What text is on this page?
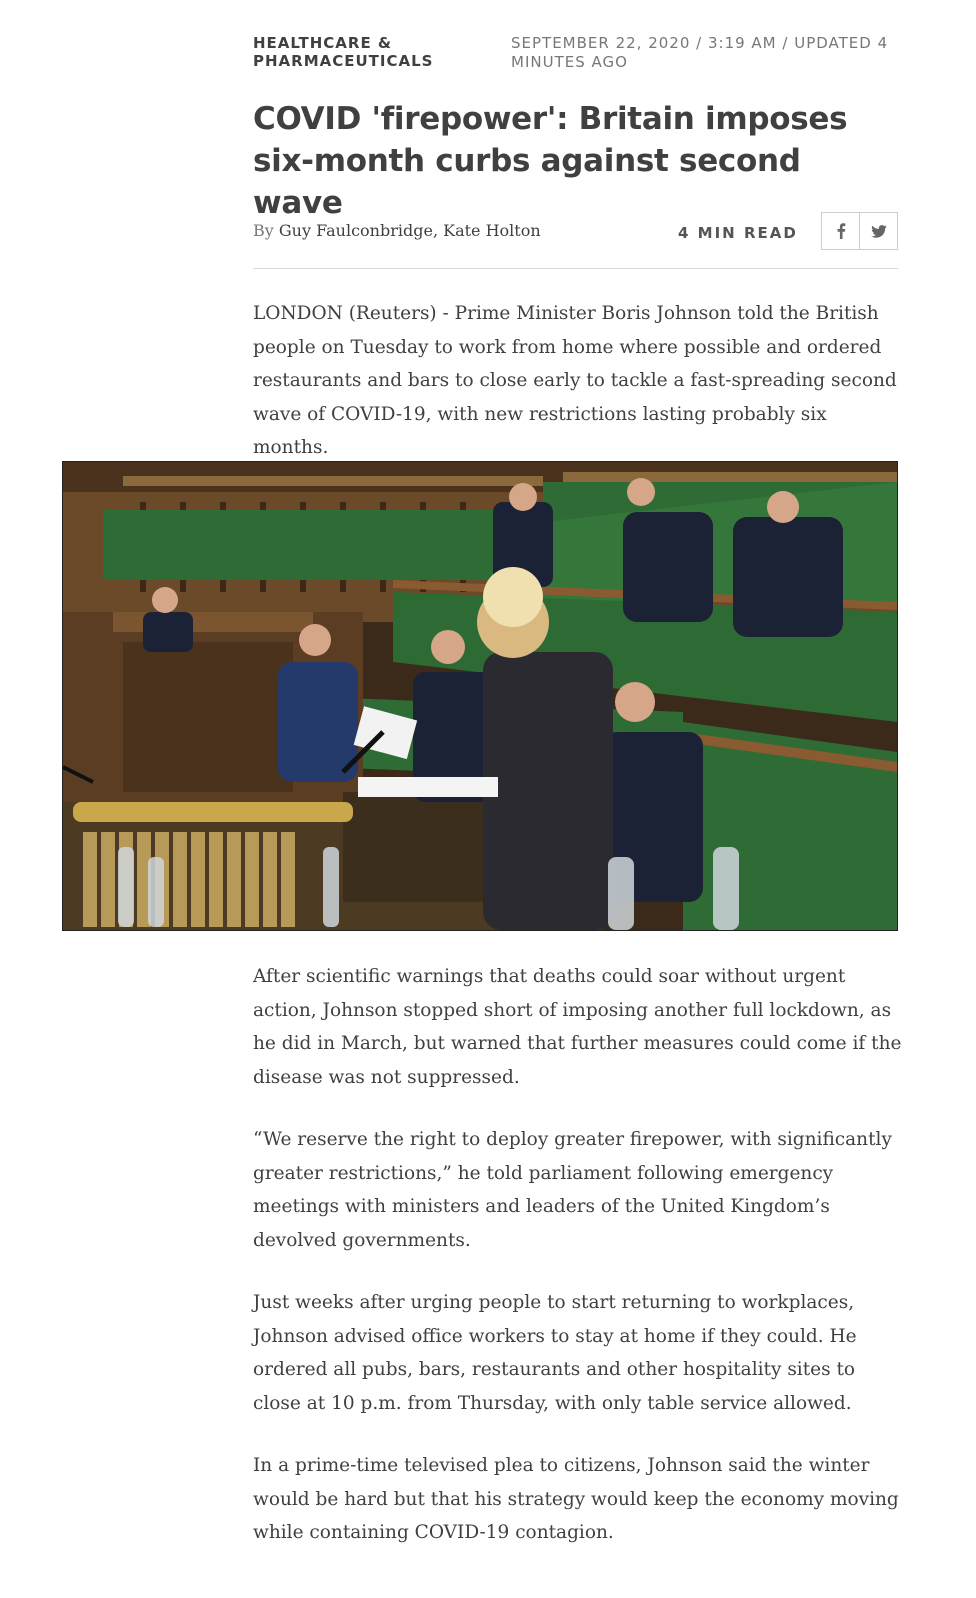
HEALTHCARE & PHARMACEUTICALS
SEPTEMBER 22, 2020 / 3:19 AM / UPDATED 4 MINUTES AGO
COVID 'firepower': Britain imposes six-month curbs against second wave
By Guy Faulconbridge, Kate Holton	4 MIN READ

LONDON (Reuters) - Prime Minister Boris Johnson told the British people on Tuesday to work from home where possible and ordered restaurants and bars to close early to tackle a fast-spreading second wave of COVID-19, with new restrictions lasting probably six months.

After scientific warnings that deaths could soar without urgent action, Johnson stopped short of imposing another full lockdown, as he did in March, but warned that further measures could come if the disease was not suppressed.

“We reserve the right to deploy greater firepower, with significantly greater restrictions,” he told parliament following emergency meetings with ministers and leaders of the United Kingdom’s devolved governments.

Just weeks after urging people to start returning to workplaces, Johnson advised office workers to stay at home if they could. He ordered all pubs, bars, restaurants and other hospitality sites to close at 10 p.m. from Thursday, with only table service allowed.

In a prime-time televised plea to citizens, Johnson said the winter would be hard but that his strategy would keep the economy moving while containing COVID-19 contagion.
